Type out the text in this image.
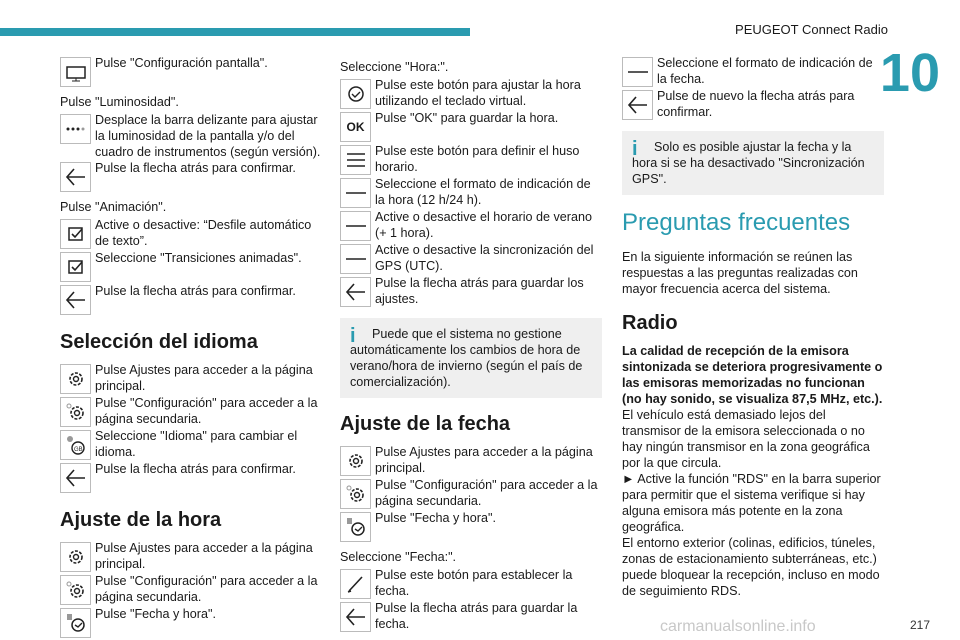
PEUGEOT Connect Radio
10
Pulse "Configuración pantalla".
Pulse "Luminosidad".
Desplace la barra delizante para ajustar la luminosidad de la pantalla y/o del cuadro de instrumentos (según versión).
Pulse la flecha atrás para confirmar.
Pulse "Animación".
Active o desactive: “Desfile automático de texto”.
Seleccione "Transiciones animadas".
Pulse la flecha atrás para confirmar.
Selección del idioma
Pulse Ajustes para acceder a la página principal.
Pulse "Configuración" para acceder a la página secundaria.
GB
Seleccione "Idioma" para cambiar el idioma.
Pulse la flecha atrás para confirmar.
Ajuste de la hora
Pulse Ajustes para acceder a la página principal.
Pulse "Configuración" para acceder a la página secundaria.
Pulse "Fecha y hora".
Seleccione "Hora:".
Pulse este botón para ajustar la hora utilizando el teclado virtual.
OK
Pulse "OK" para guardar la hora.
Pulse este botón para definir el huso horario.
Seleccione el formato de indicación de la hora (12 h/24 h).
Active o desactive el horario de verano (+ 1 hora).
Active o desactive la sincronización del GPS (UTC).
Pulse la flecha atrás para guardar los ajustes.
i	Puede que el sistema no gestione automáticamente los cambios de hora de verano/hora de invierno (según el país de comercialización).
Ajuste de la fecha
Pulse Ajustes para acceder a la página principal.
Pulse "Configuración" para acceder a la página secundaria.
Pulse "Fecha y hora".
Seleccione "Fecha:".
Pulse este botón para establecer la fecha.
Pulse la flecha atrás para guardar la fecha.
Seleccione el formato de indicación de la fecha.
Pulse de nuevo la flecha atrás para confirmar.
i	Solo es posible ajustar la fecha y la hora si se ha desactivado "Sincronización GPS".
Preguntas frecuentes
En la siguiente información se reúnen las respuestas a las preguntas realizadas con mayor frecuencia acerca del sistema.
Radio
La calidad de recepción de la emisora sintonizada se deteriora progresivamente o las emisoras memorizadas no funcionan (no hay sonido, se visualiza 87,5 MHz, etc.).
El vehículo está demasiado lejos del transmisor de la emisora seleccionada o no hay ningún transmisor en la zona geográfica por la que circula.
► Active la función "RDS" en la barra superior para permitir que el sistema verifique si hay alguna emisora más potente en la zona geográfica.
El entorno exterior (colinas, edificios, túneles, zonas de estacionamiento subterráneas, etc.) puede bloquear la recepción, incluso en modo de seguimiento RDS.
217
carmanualsonline.info
